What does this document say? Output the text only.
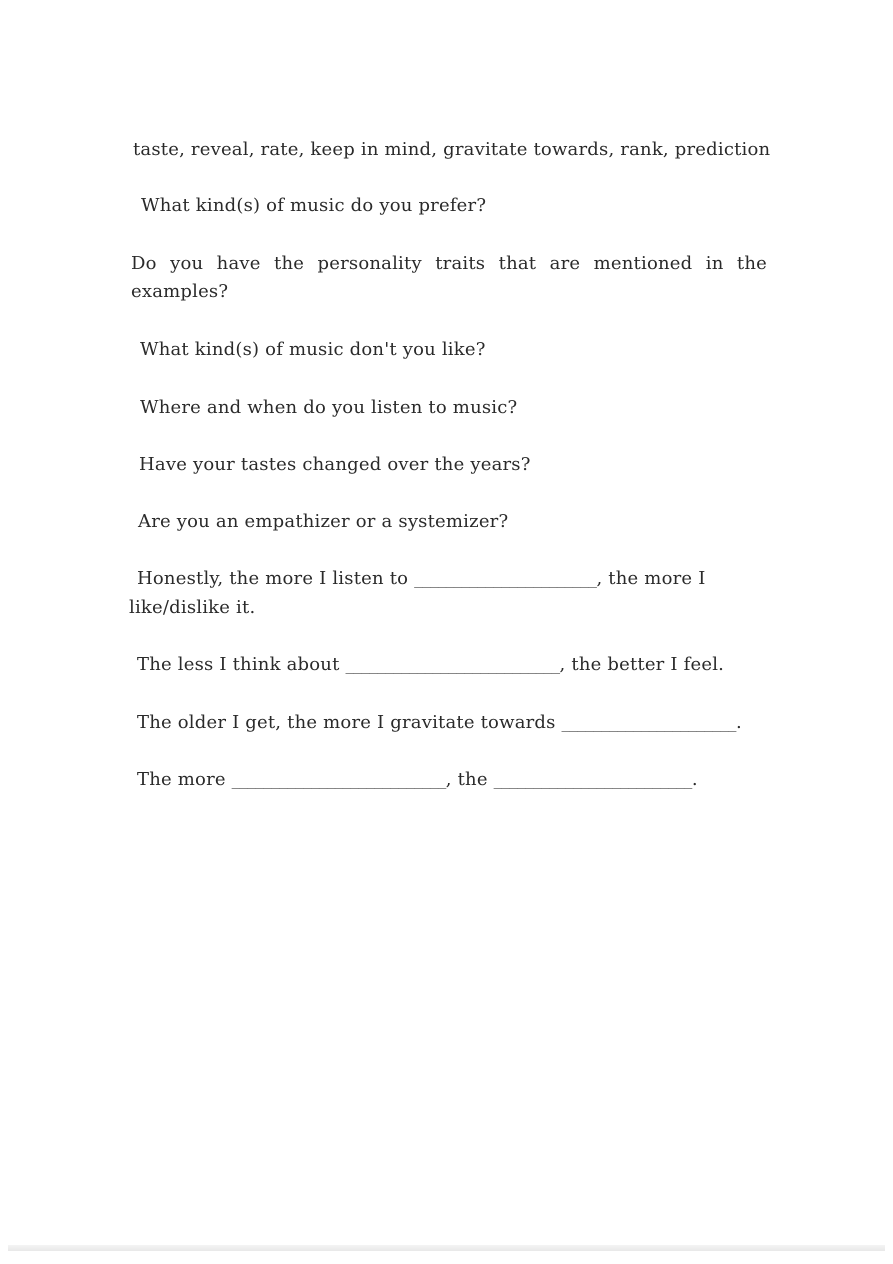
taste, reveal, rate, keep in mind, gravitate towards, rank, prediction
What kind(s) of music do you prefer?
Do you have the personality traits that are mentioned in the examples?
What kind(s) of music don't you like?
Where and when do you listen to music?
Have your tastes changed over the years?
Are you an empathizer or a systemizer?
Honestly, the more I listen to _______________________, the more I
like/dislike it.
The less I think about ___________________________, the better I feel.
The older I get, the more I gravitate towards ______________________.
The more ___________________________, the _________________________.
